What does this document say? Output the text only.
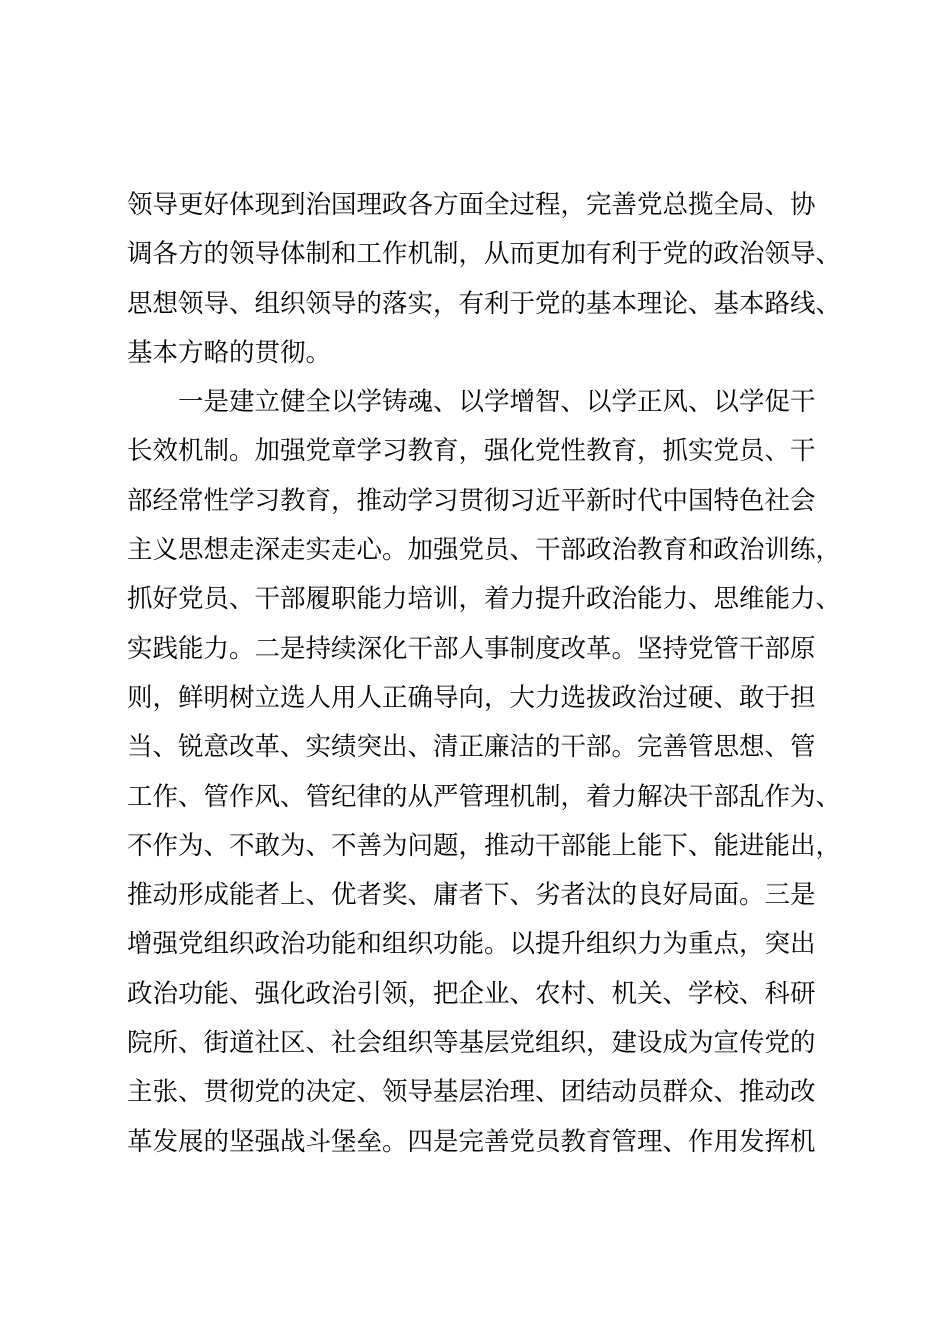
领导更好体现到治国理政各方面全过程，完善党总揽全局、协
调各方的领导体制和工作机制，从而更加有利于党的政治领导、
思想领导、组织领导的落实，有利于党的基本理论、基本路线、
基本方略的贯彻。
　　一是建立健全以学铸魂、以学增智、以学正风、以学促干
长效机制。加强党章学习教育，强化党性教育，抓实党员、干
部经常性学习教育，推动学习贯彻习近平新时代中国特色社会
主义思想走深走实走心。加强党员、干部政治教育和政治训练，
抓好党员、干部履职能力培训，着力提升政治能力、思维能力、
实践能力。二是持续深化干部人事制度改革。坚持党管干部原
则，鲜明树立选人用人正确导向，大力选拔政治过硬、敢于担
当、锐意改革、实绩突出、清正廉洁的干部。完善管思想、管
工作、管作风、管纪律的从严管理机制，着力解决干部乱作为、
不作为、不敢为、不善为问题，推动干部能上能下、能进能出，
推动形成能者上、优者奖、庸者下、劣者汰的良好局面。三是
增强党组织政治功能和组织功能。以提升组织力为重点，突出
政治功能、强化政治引领，把企业、农村、机关、学校、科研
院所、街道社区、社会组织等基层党组织，建设成为宣传党的
主张、贯彻党的决定、领导基层治理、团结动员群众、推动改
革发展的坚强战斗堡垒。四是完善党员教育管理、作用发挥机
